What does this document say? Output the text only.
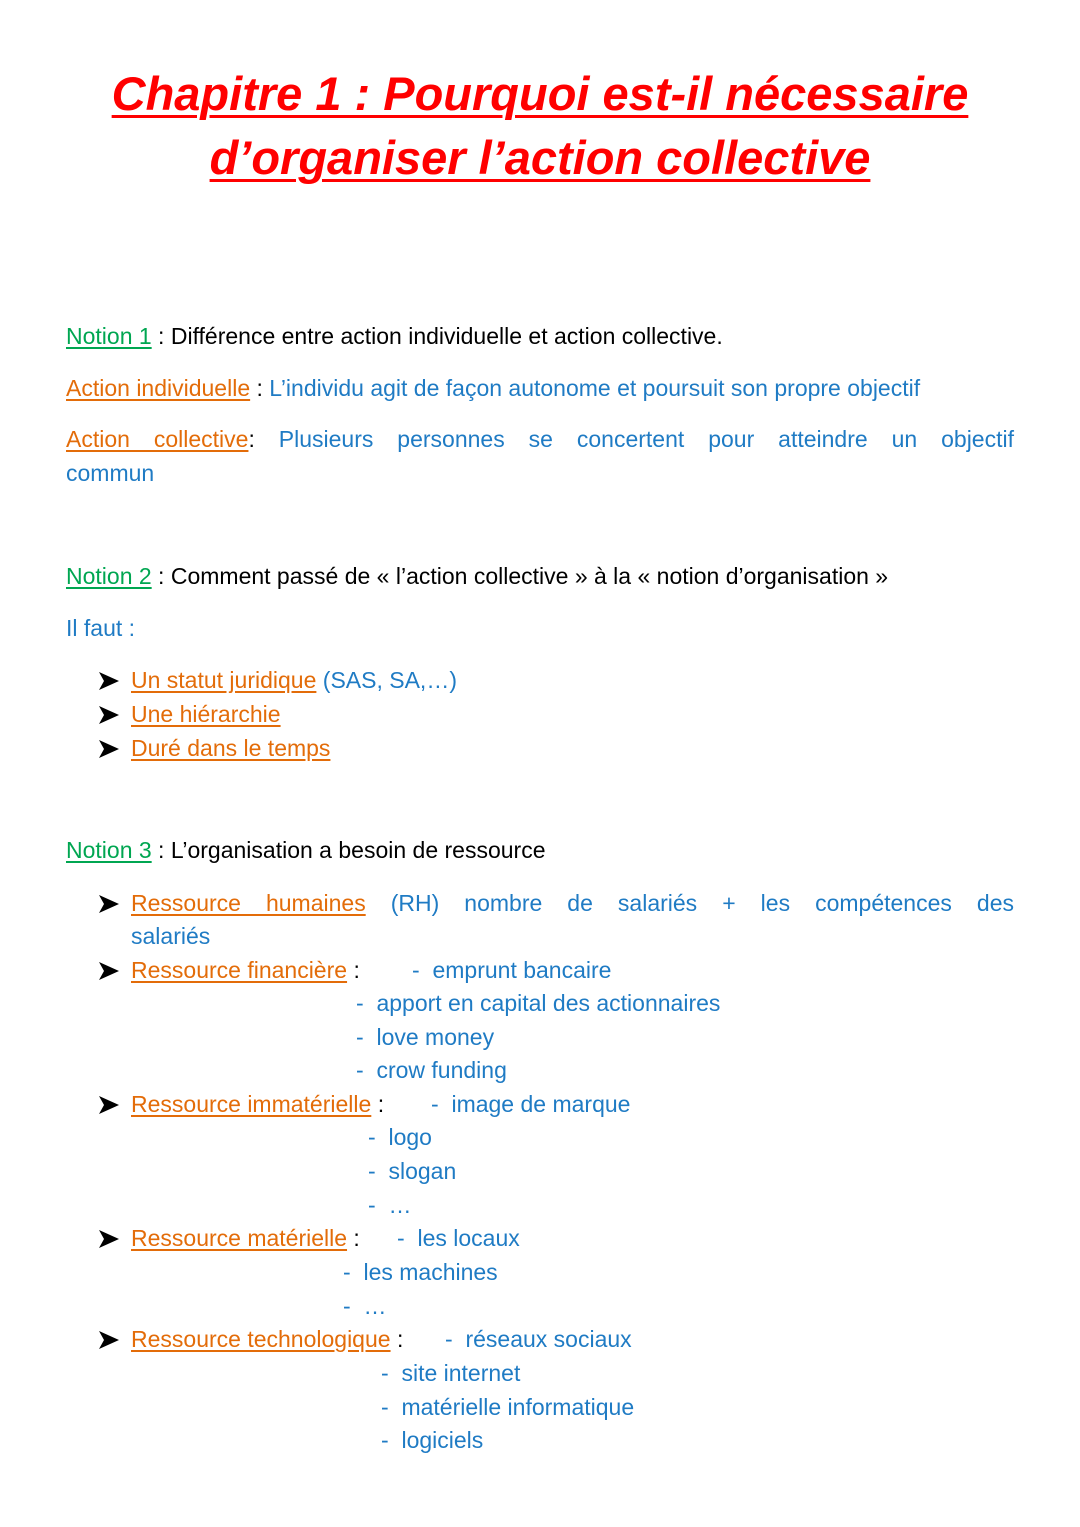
Chapitre 1 : Pourquoi est-il nécessaire
d’organiser l’action collective
Notion 1 : Différence entre action individuelle et action collective.
Action individuelle : L’individu agit de façon autonome et poursuit son propre objectif
Action collective: Plusieurs personnes se concertent pour atteindre un objectif
commun
Notion 2 : Comment passé de « l’action collective » à la « notion d’organisation »
Il faut :
Un statut juridique (SAS, SA,…)
Une hiérarchie
Duré dans le temps
Notion 3 : L’organisation a besoin de ressource
Ressource humaines (RH) nombre de salariés + les compétences des
salariés
Ressource financière : -  emprunt bancaire
-  apport en capital des actionnaires
-  love money
-  crow funding
Ressource immatérielle : -  image de marque
-  logo
-  slogan
-  …
Ressource matérielle : -  les locaux
-  les machines
-  …
Ressource technologique : -  réseaux sociaux
-  site internet
-  matérielle informatique
-  logiciels
